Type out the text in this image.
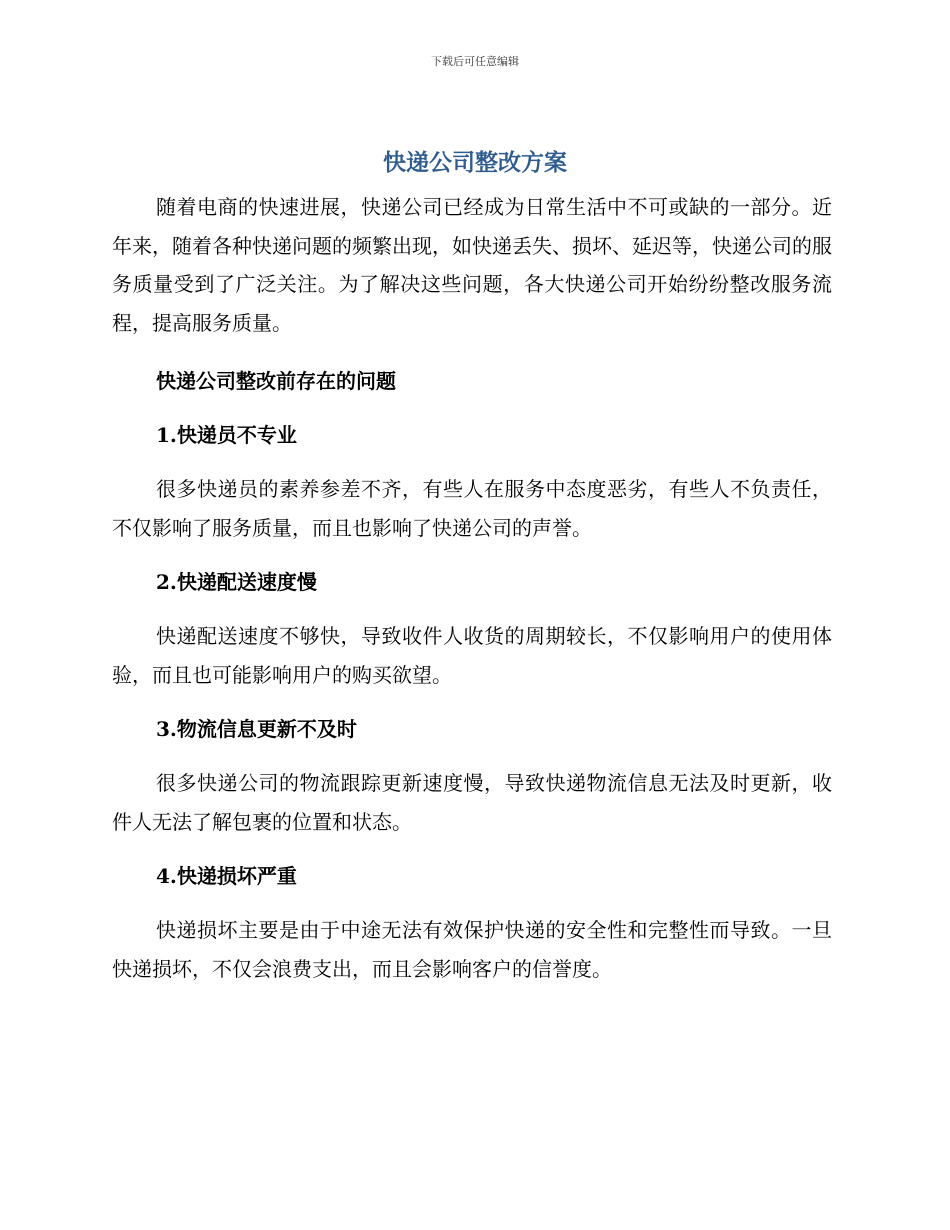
下载后可任意编辑
快递公司整改方案

随着电商的快速进展，快递公司已经成为日常生活中不可或缺的一部分。近年来，随着各种快递问题的频繁出现，如快递丢失、损坏、延迟等，快递公司的服务质量受到了广泛关注。为了解决这些问题，各大快递公司开始纷纷整改服务流程，提高服务质量。

快递公司整改前存在的问题

1.快递员不专业

很多快递员的素养参差不齐，有些人在服务中态度恶劣，有些人不负责任，不仅影响了服务质量，而且也影响了快递公司的声誉。

2.快递配送速度慢

快递配送速度不够快，导致收件人收货的周期较长，不仅影响用户的使用体验，而且也可能影响用户的购买欲望。

3.物流信息更新不及时

很多快递公司的物流跟踪更新速度慢，导致快递物流信息无法及时更新，收件人无法了解包裹的位置和状态。

4.快递损坏严重

快递损坏主要是由于中途无法有效保护快递的安全性和完整性而导致。一旦快递损坏，不仅会浪费支出，而且会影响客户的信誉度。
